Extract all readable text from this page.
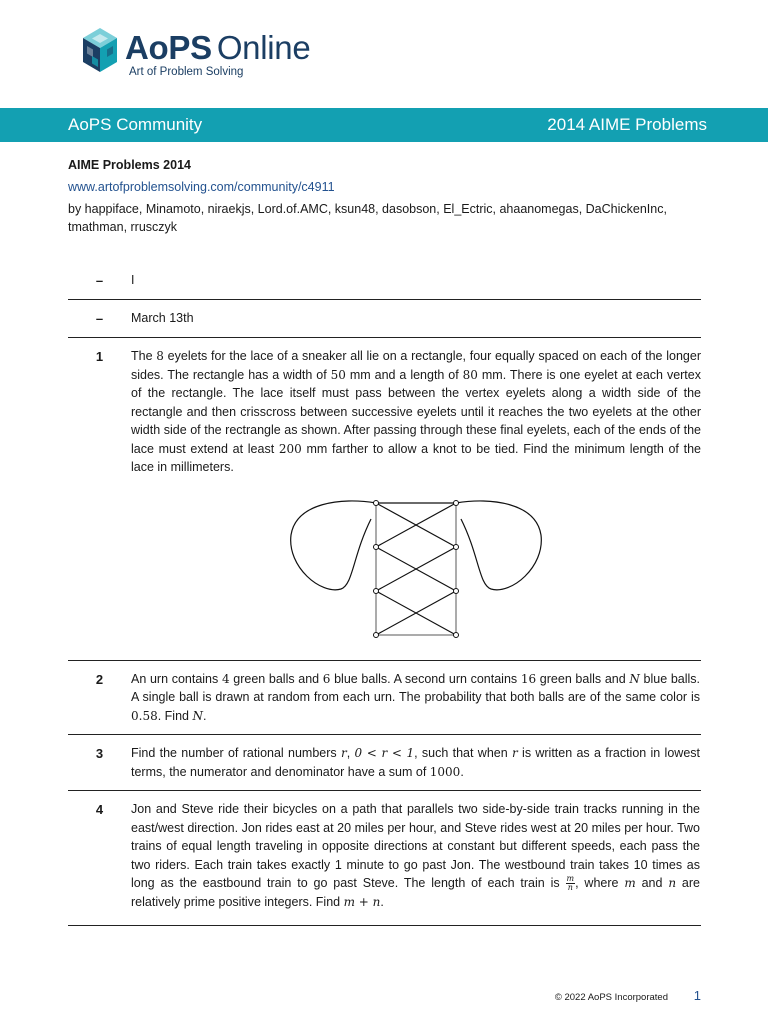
AoPS Online
Art of Problem Solving
AoPS Community	2014 AIME Problems
AIME Problems 2014
www.artofproblemsolving.com/community/c4911
by happiface, Minamoto, niraekjs, Lord.of.AMC, ksun48, dasobson, El_Ectric, ahaanomegas, DaChickenInc, tmathman, rrusczyk
–	I
–	March 13th
1	The 8 eyelets for the lace of a sneaker all lie on a rectangle, four equally spaced on each of the longer sides. The rectangle has a width of 50 mm and a length of 80 mm. There is one eyelet at each vertex of the rectangle. The lace itself must pass between the vertex eyelets along a width side of the rectangle and then crisscross between successive eyelets until it reaches the two eyelets at the other width side of the rectrangle as shown. After passing through these final eyelets, each of the ends of the lace must extend at least 200 mm farther to allow a knot to be tied. Find the minimum length of the lace in millimeters.
2	An urn contains 4 green balls and 6 blue balls. A second urn contains 16 green balls and N blue balls. A single ball is drawn at random from each urn. The probability that both balls are of the same color is 0.58. Find N.
3	Find the number of rational numbers r, 0 < r < 1, such that when r is written as a fraction in lowest terms, the numerator and denominator have a sum of 1000.
4	Jon and Steve ride their bicycles on a path that parallels two side-by-side train tracks running in the east/west direction. Jon rides east at 20 miles per hour, and Steve rides west at 20 miles per hour. Two trains of equal length traveling in opposite directions at constant but different speeds, each pass the two riders. Each train takes exactly 1 minute to go past Jon. The westbound train takes 10 times as long as the eastbound train to go past Steve. The length of each train is $\frac{m}{n}$ , where m and n are relatively prime positive integers. Find m + n.
© 2022 AoPS Incorporated 1
